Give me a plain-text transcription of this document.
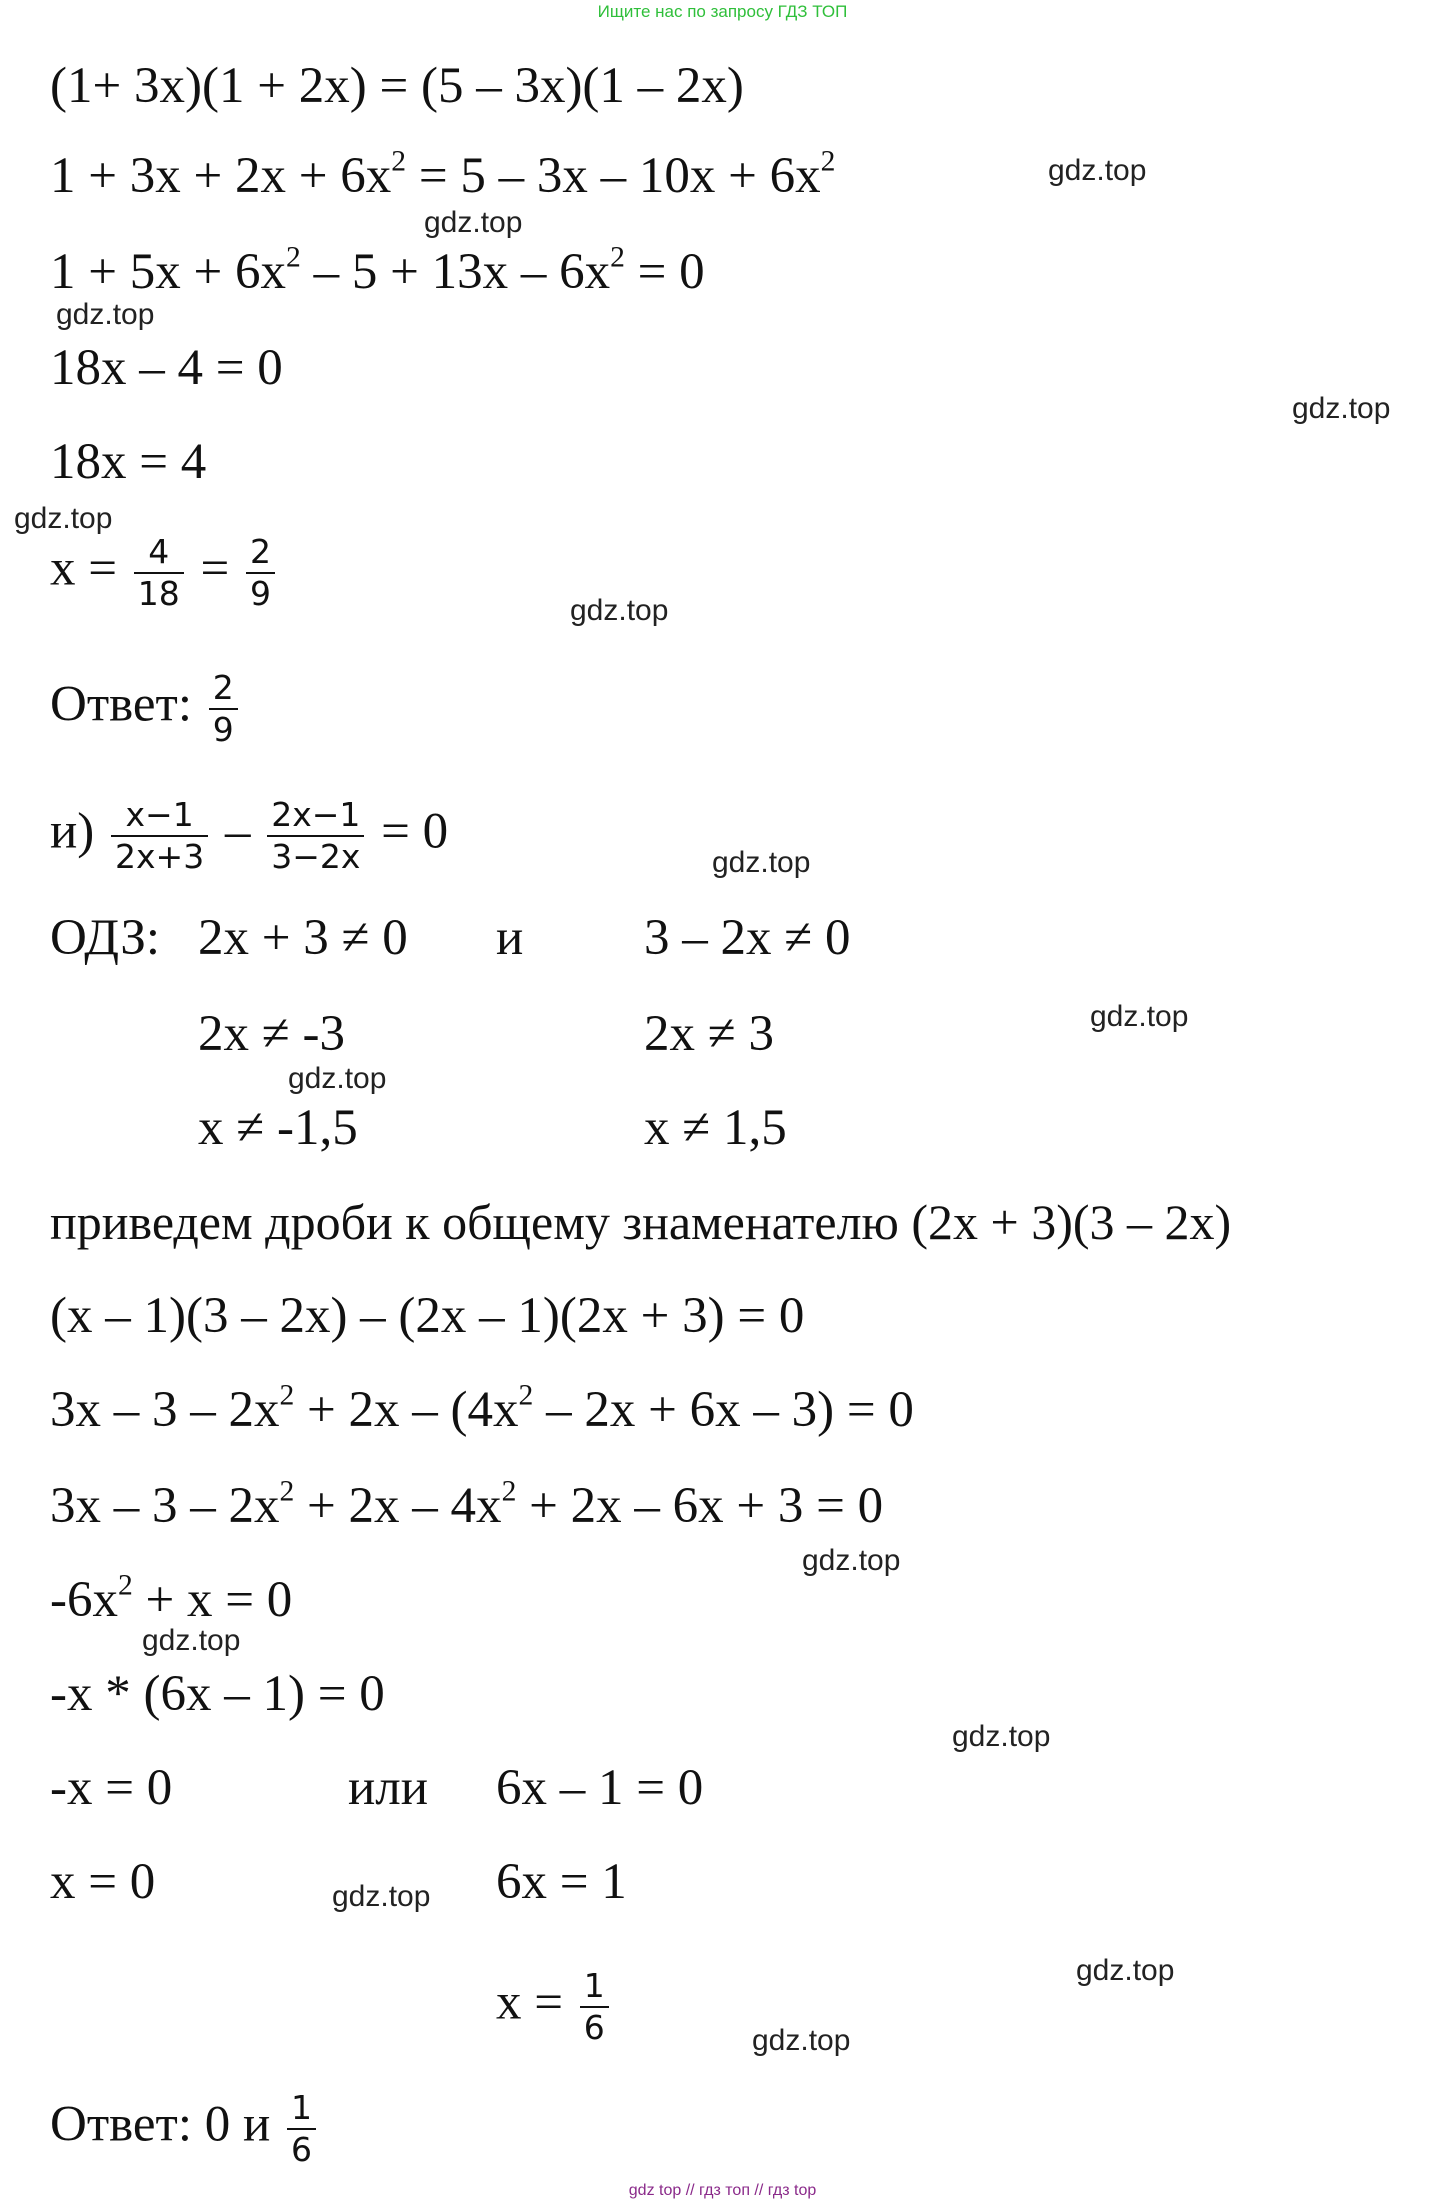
Ищите нас по запросу ГДЗ ТОП
(1+ 3x)(1 + 2x) = (5 – 3x)(1 – 2x)
$1 + 3x + 2x + 6x^2 = 5 - 3x - 10x + 6x^2$
$1 + 5x + 6x^2 - 5 + 13x - 6x^2 = 0$
18x – 4 = 0
18x = 4
$x = \frac{4}{18} = \frac{2}{9}$
Ответ: $\frac{2}{9}$
$и) \frac{x-1}{2x+3} - \frac{2x-1}{3-2x} = 0$
ОДЗ: 2x + 3 ≠ 0 и 3 – 2x ≠ 0
2x ≠ -3	2x ≠ 3
x ≠ -1,5	x ≠ 1,5
приведем дроби к общему знаменателю (2x + 3)(3 – 2x)
(x – 1)(3 – 2x) – (2x – 1)(2x + 3) = 0
$3x - 3 - 2x^2 + 2x - (4x^2 - 2x + 6x - 3) = 0$
$3x - 3 - 2x^2 + 2x - 4x^2 + 2x - 6x + 3 = 0$
$-6x^2 + x = 0$
-x * (6x – 1) = 0
-x = 0	или 6x – 1 = 0
x = 0	6x = 1
$x = \frac{1}{6}$
Ответ: 0 и $\frac{1}{6}$
gdz.top
gdz.top
gdz.top
gdz.top
gdz.top
gdz.top
gdz.top
gdz.top
gdz.top
gdz.top
gdz.top
gdz.top
gdz.top
gdz.top
gdz.top
gdz top // гдз топ // гдз top
